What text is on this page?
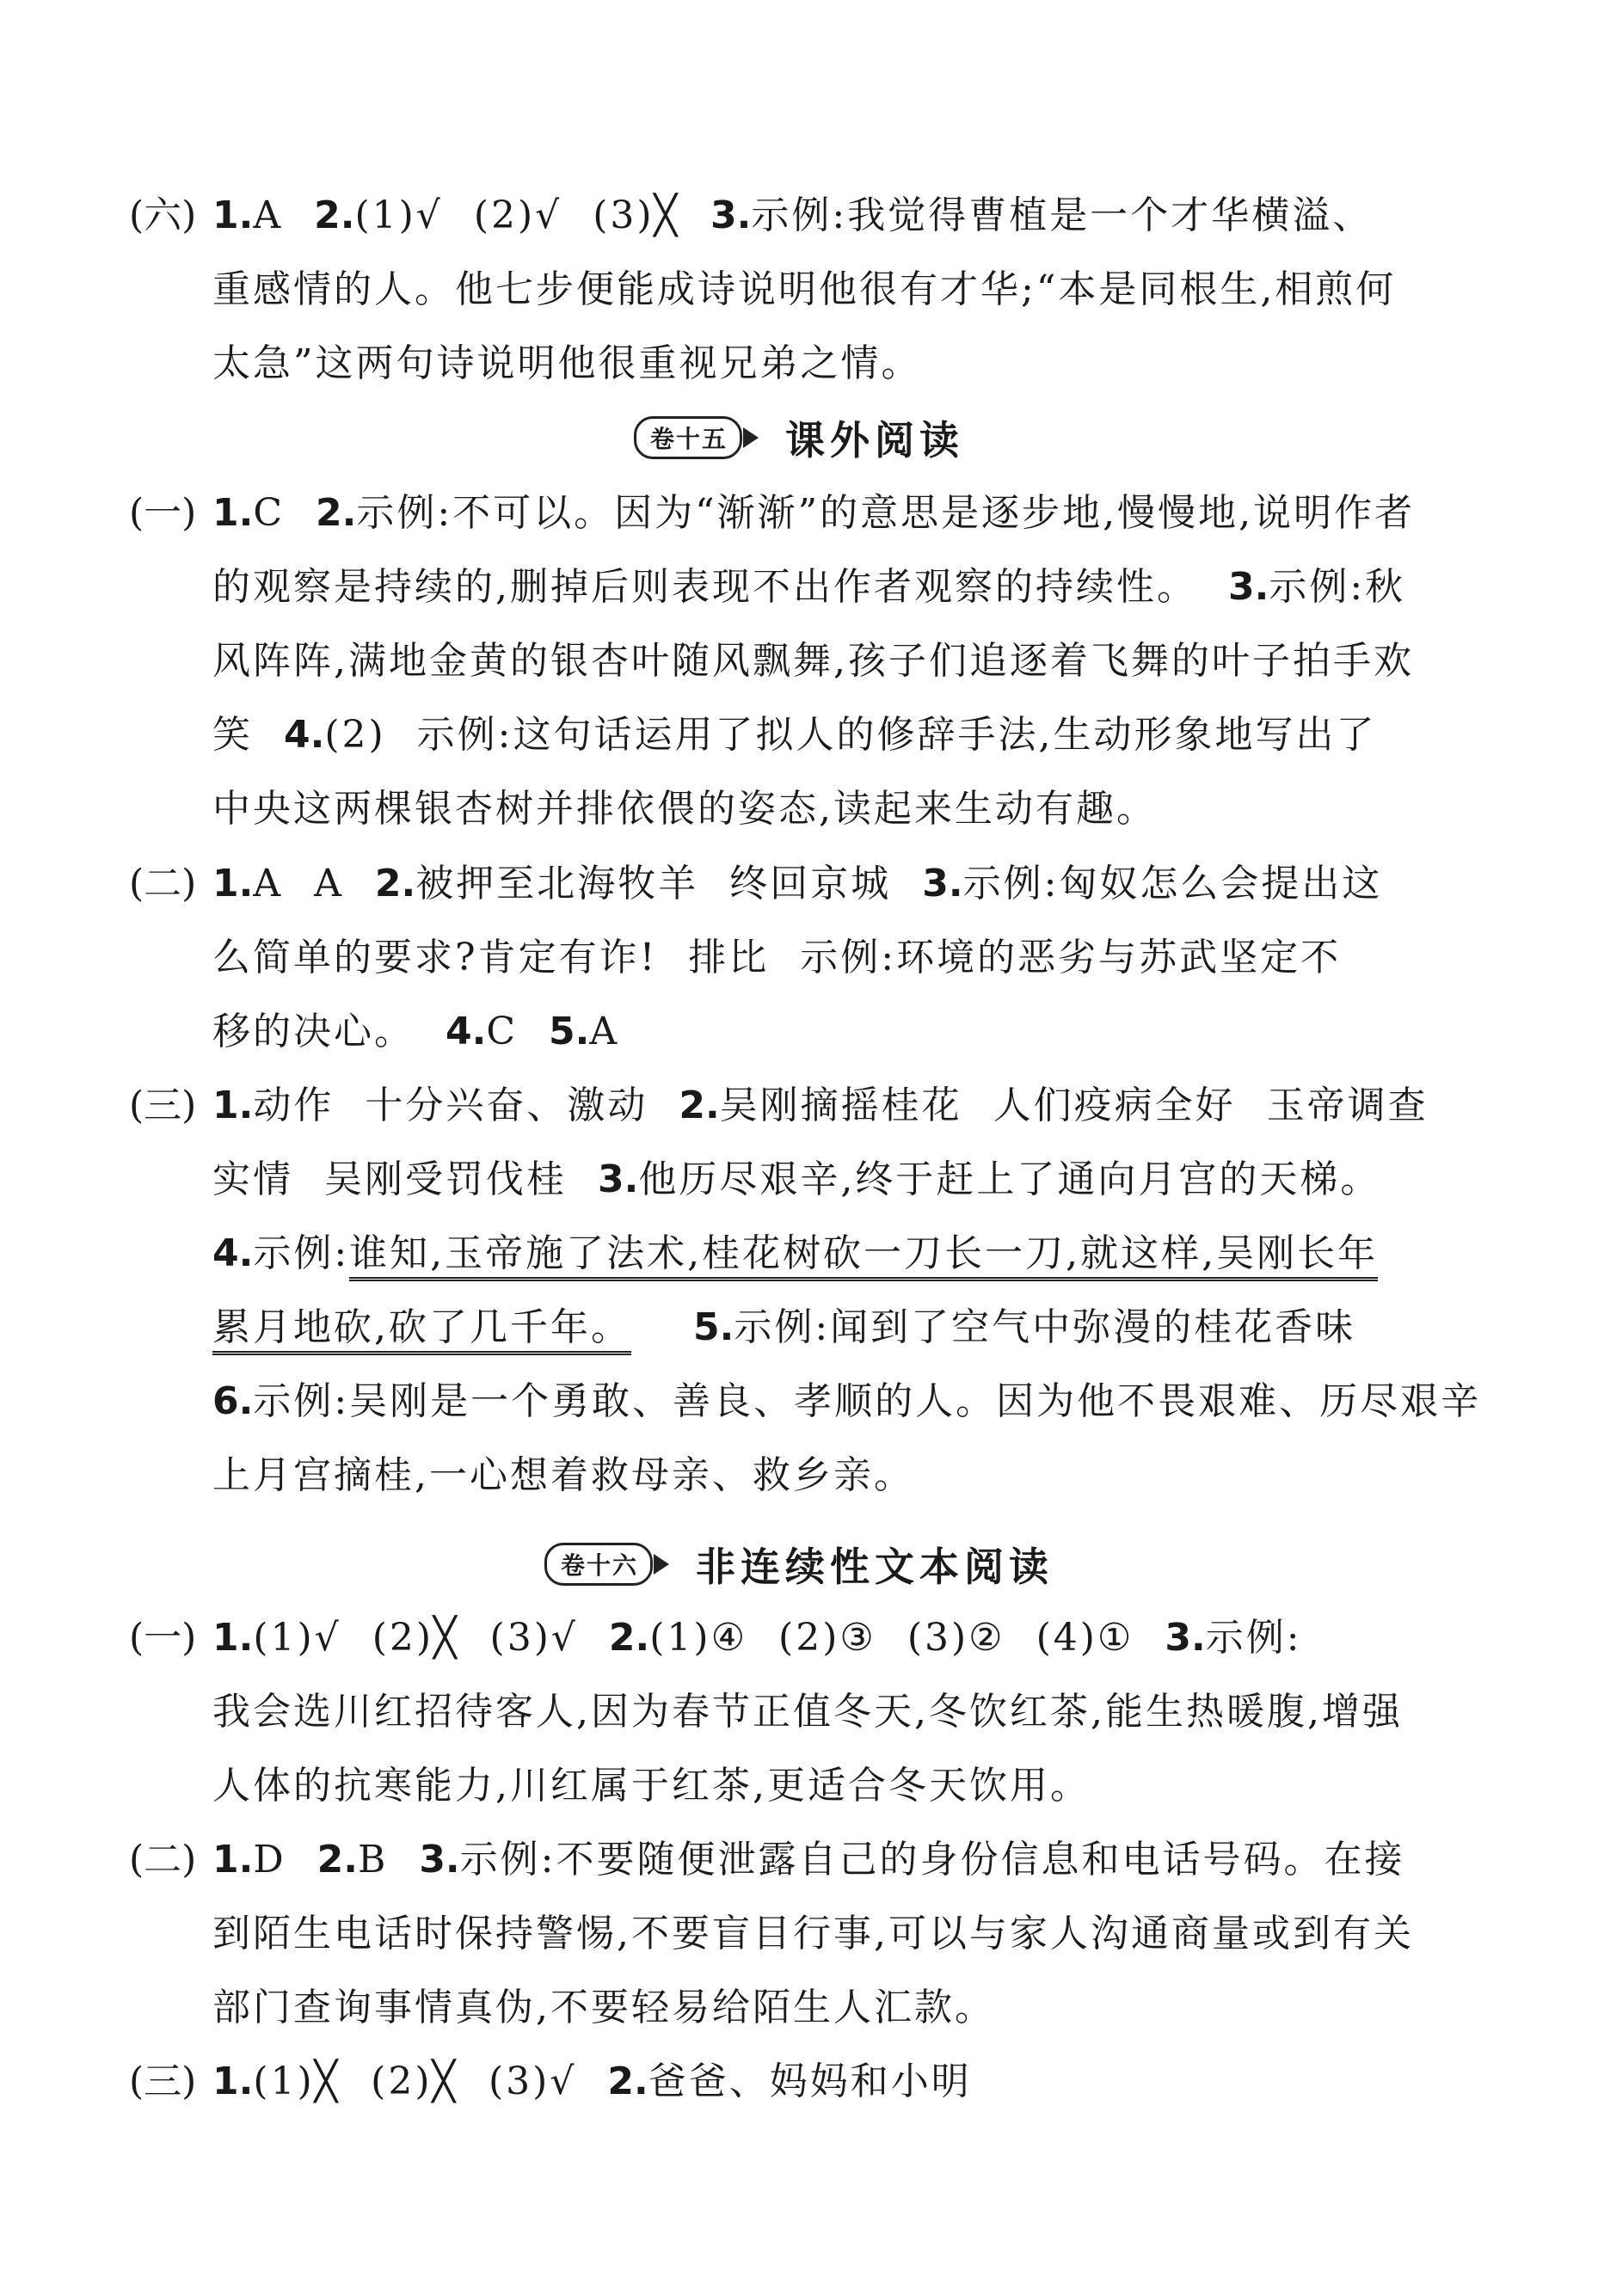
(六) 1.A 2.(1)√ (2)√ (3)╳ 3.示例:我觉得曹植是一个才华横溢、
重感情的人。他七步便能成诗说明他很有才华;“本是同根生,相煎何
太急”这两句诗说明他很重视兄弟之情。
卷十五 课外阅读
(一) 1.C 2.示例:不可以。因为“渐渐”的意思是逐步地,慢慢地,说明作者
的观察是持续的,删掉后则表现不出作者观察的持续性。 3.示例:秋
风阵阵,满地金黄的银杏叶随风飘舞,孩子们追逐着飞舞的叶子拍手欢
笑 4.(2) 示例:这句话运用了拟人的修辞手法,生动形象地写出了
中央这两棵银杏树并排依偎的姿态,读起来生动有趣。
(二) 1.A A 2.被押至北海牧羊 终回京城 3.示例:匈奴怎么会提出这
么简单的要求?肯定有诈! 排比 示例:环境的恶劣与苏武坚定不
移的决心。 4.C 5.A
(三) 1.动作 十分兴奋、激动 2.吴刚摘摇桂花 人们疫病全好 玉帝调查
实情 吴刚受罚伐桂 3.他历尽艰辛,终于赶上了通向月宫的天梯。
4.示例:谁知,玉帝施了法术,桂花树砍一刀长一刀,就这样,吴刚长年
累月地砍,砍了几千年。 5.示例:闻到了空气中弥漫的桂花香味
6.示例:吴刚是一个勇敢、善良、孝顺的人。因为他不畏艰难、历尽艰辛
上月宫摘桂,一心想着救母亲、救乡亲。
卷十六 非连续性文本阅读
(一) 1.(1)√ (2)╳ (3)√ 2.(1)④ (2)③ (3)② (4)① 3.示例:
我会选川红招待客人,因为春节正值冬天,冬饮红茶,能生热暖腹,增强
人体的抗寒能力,川红属于红茶,更适合冬天饮用。
(二) 1.D 2.B 3.示例:不要随便泄露自己的身份信息和电话号码。在接
到陌生电话时保持警惕,不要盲目行事,可以与家人沟通商量或到有关
部门查询事情真伪,不要轻易给陌生人汇款。
(三) 1.(1)╳ (2)╳ (3)√ 2.爸爸、妈妈和小明
